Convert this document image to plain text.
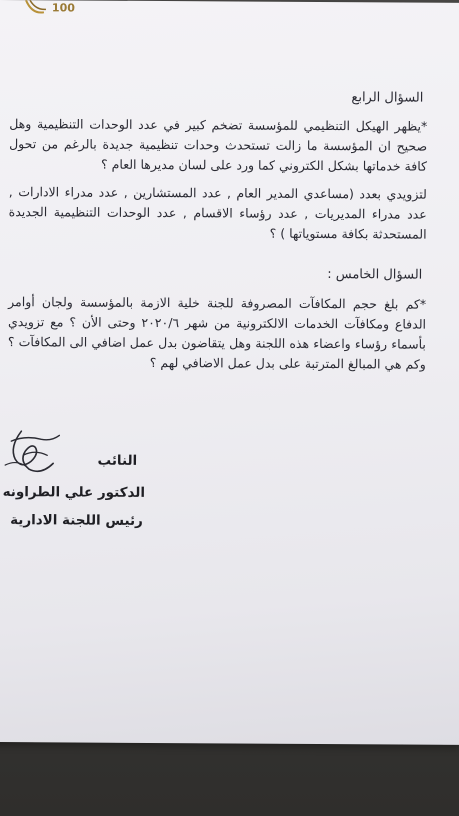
100
السؤال الرابع
*يظهر الهيكل التنظيمي للمؤسسة تضخم كبير في عدد الوحدات التنظيمية وهل صحيح ان المؤسسة ما زالت تستحدث وحدات تنظيمية جديدة بالرغم من تحول كافة خدماتها بشكل الكتروني كما ورد على لسان مديرها العام ؟
لتزويدي بعدد (مساعدي المدير العام , عدد المستشارين , عدد مدراء الادارات , عدد مدراء المديريات , عدد رؤساء الاقسام , عدد الوحدات التنظيمية الجديدة المستحدثة بكافة مستوياتها ) ؟
السؤال الخامس :
*كم بلغ حجم المكافآت المصروفة للجنة خلية الازمة بالمؤسسة ولجان أوامر الدفاع ومكافآت الخدمات الالكترونية من شهر ٢٠٢٠/٦ وحتى الأن ؟ مع تزويدي بأسماء رؤساء واعضاء هذه اللجنة وهل يتقاضون بدل عمل اضافي الى المكافآت ؟ وكم هي المبالغ المترتبة على بدل عمل الاضافي لهم ؟
النائب
الدكتور علي الطراونه
رئيس اللجنة الادارية
